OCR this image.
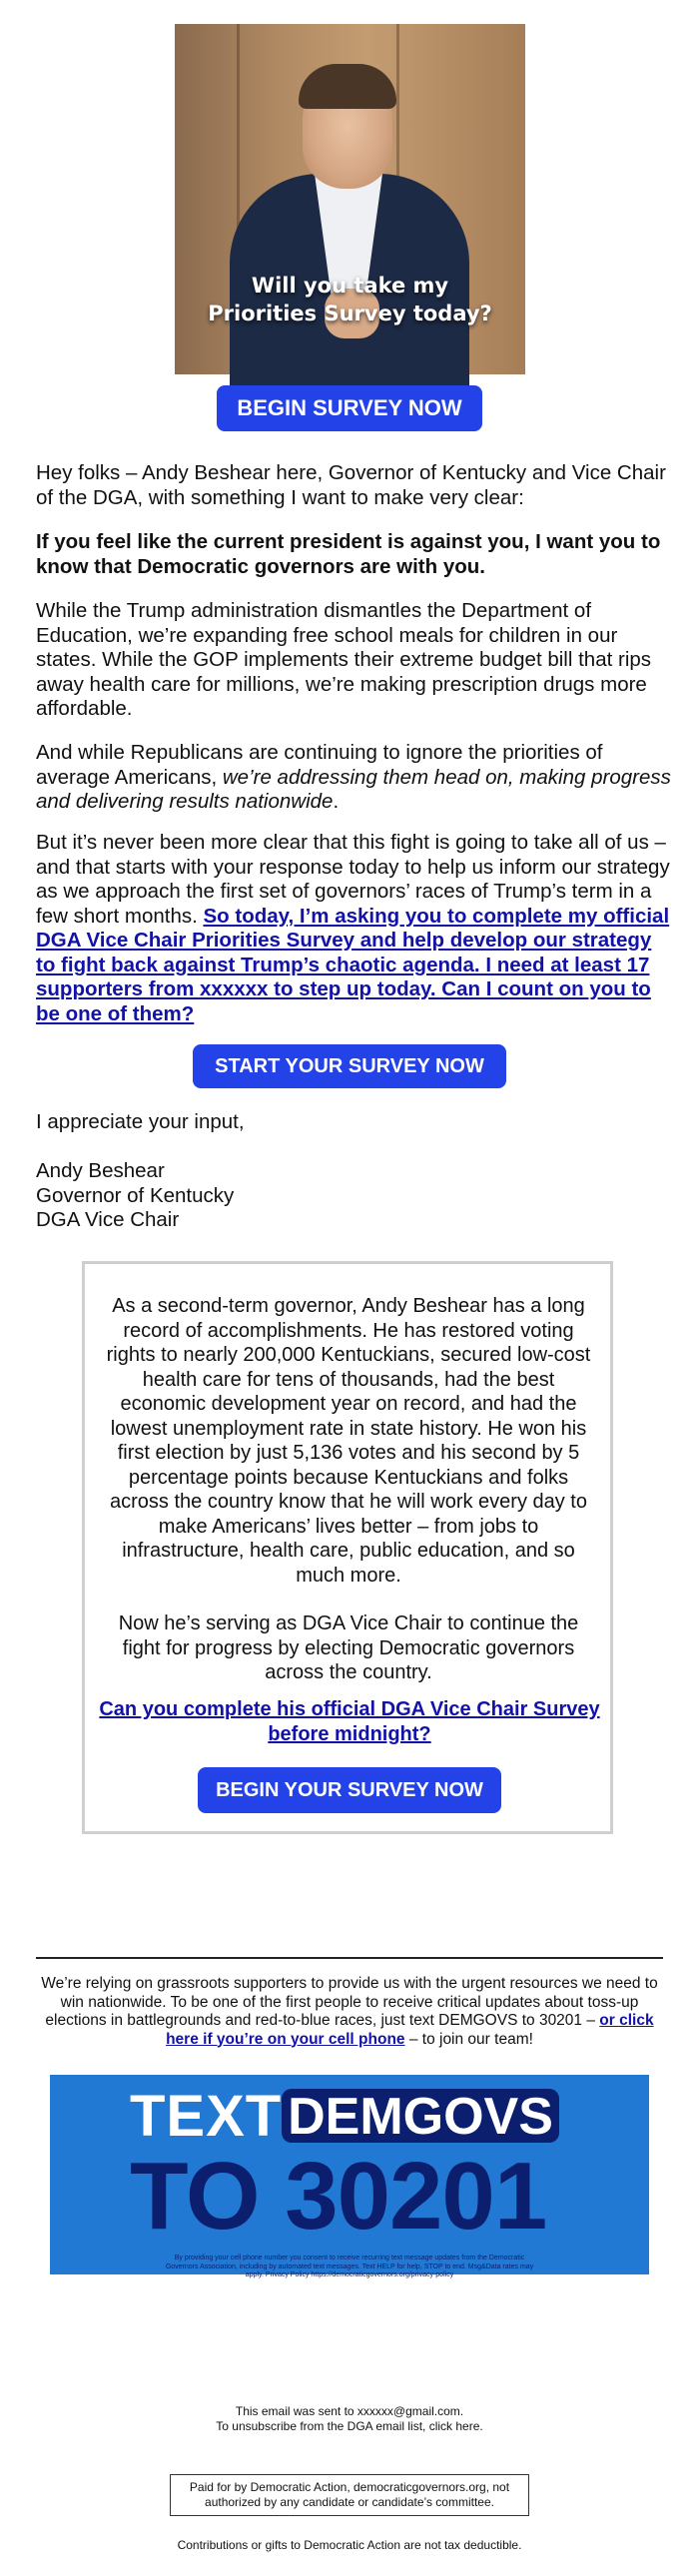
Will you take my
Priorities Survey today?
BEGIN SURVEY NOW

Hey folks – Andy Beshear here, Governor of Kentucky and Vice Chair of the DGA, with something I want to make very clear:

If you feel like the current president is against you, I want you to know that Democratic governors are with you.

While the Trump administration dismantles the Department of Education, we’re expanding free school meals for children in our states. While the GOP implements their extreme budget bill that rips away health care for millions, we’re making prescription drugs more affordable.

And while Republicans are continuing to ignore the priorities of average Americans, we’re addressing them head on, making progress and delivering results nationwide.

But it’s never been more clear that this fight is going to take all of us – and that starts with your response today to help us inform our strategy as we approach the first set of governors’ races of Trump’s term in a few short months. So today, I’m asking you to complete my official DGA Vice Chair Priorities Survey and help develop our strategy to fight back against Trump’s chaotic agenda. I need at least 17 supporters from xxxxxx to step up today. Can I count on you to be one of them?

START YOUR SURVEY NOW
I appreciate your input,
Andy Beshear
Governor of Kentucky
DGA Vice Chair

As a second-term governor, Andy Beshear has a long record of accomplishments. He has restored voting rights to nearly 200,000 Kentuckians, secured low-cost health care for tens of thousands, had the best economic development year on record, and had the lowest unemployment rate in state history. He won his first election by just 5,136 votes and his second by 5 percentage points because Kentuckians and folks across the country know that he will work every day to make Americans’ lives better – from jobs to infrastructure, health care, public education, and so much more.

Now he’s serving as DGA Vice Chair to continue the fight for progress by electing Democratic governors across the country.

Can you complete his official DGA Vice Chair Survey before midnight?
BEGIN YOUR SURVEY NOW

We’re relying on grassroots supporters to provide us with the urgent resources we need to win nationwide. To be one of the first people to receive critical updates about toss-up elections in battlegrounds and red-to-blue races, just text DEMGOVS to 30201 – or click here if you’re on your cell phone – to join our team!

TEXT DEMGOVS
TO 30201
By providing your cell phone number you consent to receive recurring text message updates from the Democratic Governors Association, including by automated text messages. Text HELP for help, STOP to end. Msg&Data rates may apply. Privacy Policy https://democraticgovernors.org/privacy-policy
This email was sent to xxxxxx@gmail.com.
To unsubscribe from the DGA email list, click here.
Paid for by Democratic Action, democraticgovernors.org, not authorized by any candidate or candidate’s committee.
Contributions or gifts to Democratic Action are not tax deductible.
